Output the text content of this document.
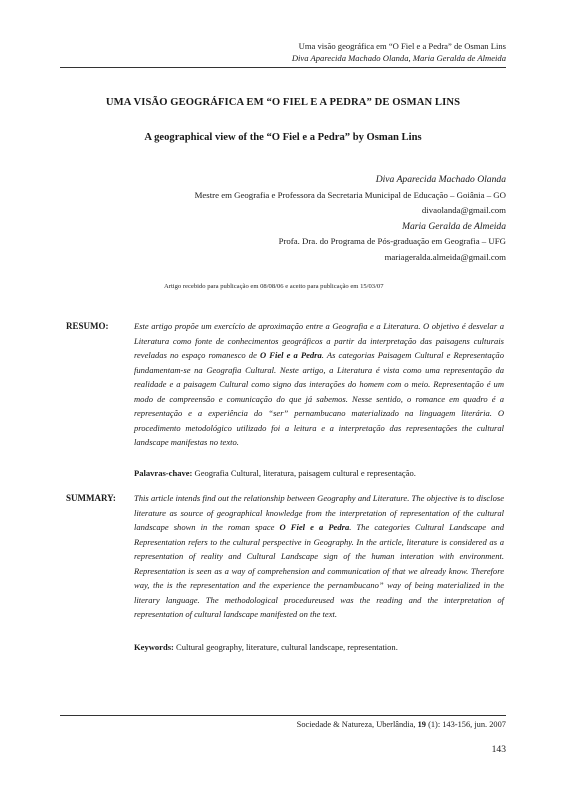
Uma visão geográfica em “O Fiel e a Pedra” de Osman Lins
Diva Aparecida Machado Olanda, Maria Geralda de Almeida
UMA VISÃO GEOGRÁFICA EM “O FIEL E A PEDRA” DE OSMAN LINS
A geographical view of the “O Fiel e a Pedra” by Osman Lins
Diva Aparecida Machado Olanda
Mestre em Geografia e Professora da Secretaria Municipal de Educação – Goiânia – GO
divaolanda@gmail.com
Maria Geralda de Almeida
Profa. Dra. do Programa de Pós-graduação em Geografia – UFG
mariageralda.almeida@gmail.com
Artigo recebido para publicação em 08/08/06 e aceito para publicação em 15/03/07
RESUMO:	Este artigo propõe um exercício de aproximação entre a Geografia e a Literatura. O objetivo é desvelar a Literatura como fonte de conhecimentos geográficos a partir da interpretação das paisagens culturais reveladas no espaço romanesco de O Fiel e a Pedra. As categorias Paisagem Cultural e Representação fundamentam-se na Geografia Cultural. Neste artigo, a Literatura é vista como uma representação da realidade e a paisagem Cultural como signo das interações do homem com o meio. Representação é um modo de compreensão e comunicação do que já sabemos. Nesse sentido, o romance em quadro é a representação e a experiência do “ser” pernambucano materializado na linguagem literária. O procedimento metodológico utilizado foi a leitura e a interpretação das representações the cultural landscape manifestas no texto.
Palavras-chave: Geografia Cultural, literatura, paisagem cultural e representação.
SUMMARY: This article intends find out the relationship between Geography and Literature. The objective is to disclose literature as source of geographical knowledge from the interpretation of representation of the cultural landscape shown in the roman space O Fiel e a Pedra. The categories Cultural Landscape and Representation refers to the cultural perspective in Geography. In the article, literature is considered as a representation of reality and Cultural Landscape sign of the human interation with environment. Representation is seen as a way of comprehension and communication of that we already know. Therefore way, the is the representation and the experience the pernambucano” way of being materialized in the literary language. The methodological procedureused was the reading and the interpretation of representation of cultural landscape manifested on the text.
Keywords: Cultural geography, literature, cultural landscape, representation.
Sociedade & Natureza, Uberlândia, 19 (1): 143-156, jun. 2007
143
